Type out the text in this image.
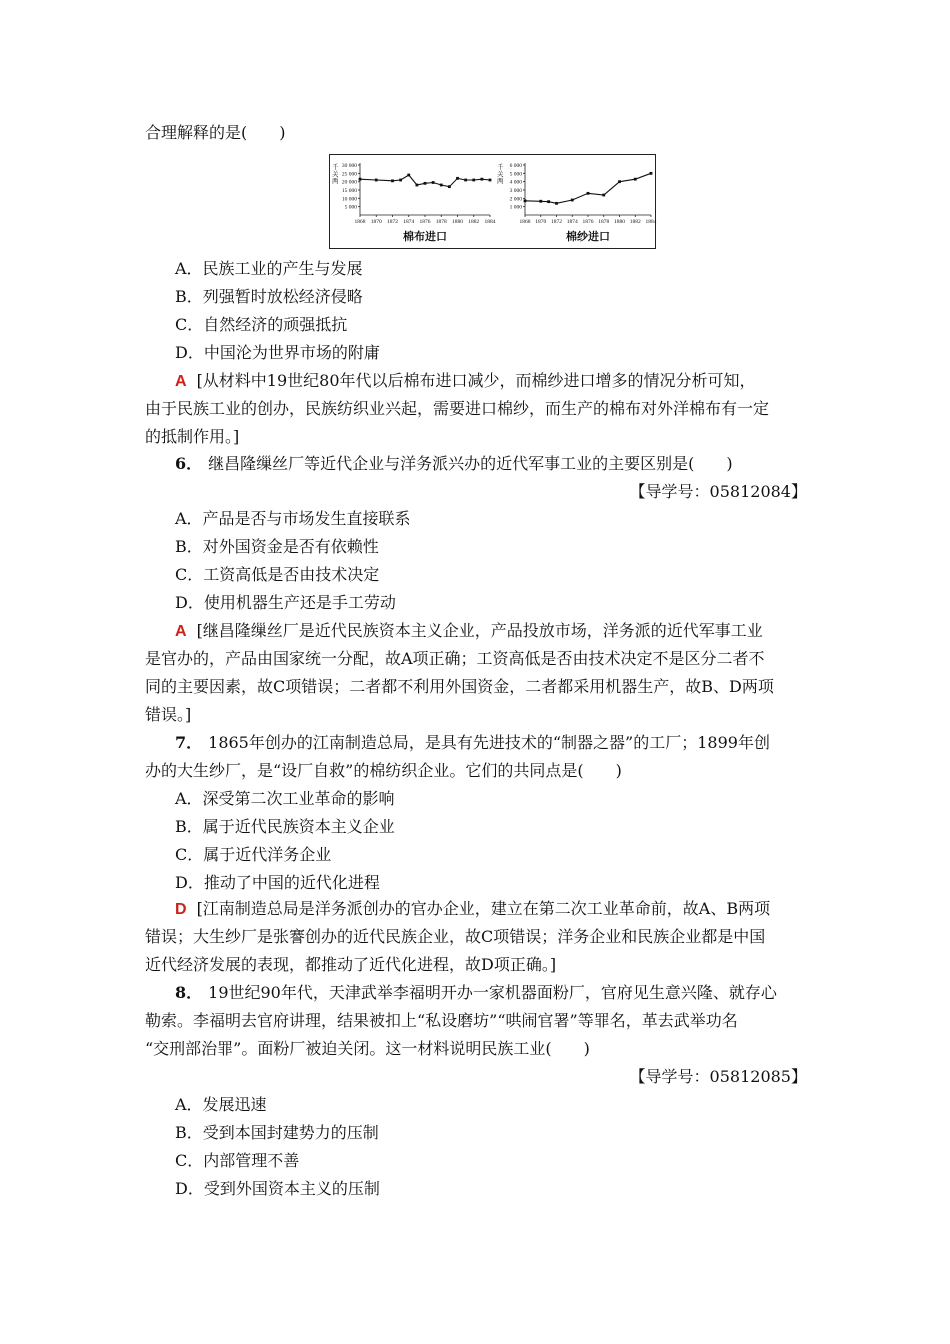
合理解释的是(　　)
30 000
25 000
20 000
15 000
10 000
5 000
千
关
两
1868 1870 1872 1874 1876 1878 1880 1882 1884
棉布进口
6 000
5 000
4 000
3 000
2 000
1 000
千
关
两
1868 1870 1872 1874 1876 1878 1880 1882 1884
棉纱进口
A．民族工业的产生与发展
B．列强暂时放松经济侵略
C．自然经济的顽强抵抗
D．中国沦为世界市场的附庸
A [从材料中19世纪80年代以后棉布进口减少，而棉纱进口增多的情况分析可知，
由于民族工业的创办，民族纺织业兴起，需要进口棉纱，而生产的棉布对外洋棉布有一定
的抵制作用。]
6． 继昌隆缫丝厂等近代企业与洋务派兴办的近代军事工业的主要区别是(　　)
【导学号：05812084】
A．产品是否与市场发生直接联系
B．对外国资金是否有依赖性
C．工资高低是否由技术决定
D．使用机器生产还是手工劳动
A [继昌隆缫丝厂是近代民族资本主义企业，产品投放市场，洋务派的近代军事工业
是官办的，产品由国家统一分配，故A项正确；工资高低是否由技术决定不是区分二者不
同的主要因素，故C项错误；二者都不利用外国资金，二者都采用机器生产，故B、D两项
错误。]
7． 1865年创办的江南制造总局，是具有先进技术的“制器之器”的工厂；1899年创
办的大生纱厂，是“设厂自救”的棉纺织企业。它们的共同点是(　　)
A．深受第二次工业革命的影响
B．属于近代民族资本主义企业
C．属于近代洋务企业
D．推动了中国的近代化进程
D [江南制造总局是洋务派创办的官办企业，建立在第二次工业革命前，故A、B两项
错误；大生纱厂是张謇创办的近代民族企业，故C项错误；洋务企业和民族企业都是中国
近代经济发展的表现，都推动了近代化进程，故D项正确。]
8． 19世纪90年代，天津武举李福明开办一家机器面粉厂，官府见生意兴隆、就存心
勒索。李福明去官府讲理，结果被扣上“私设磨坊”“哄闹官署”等罪名，革去武举功名
“交刑部治罪”。面粉厂被迫关闭。这一材料说明民族工业(　　)
【导学号：05812085】
A．发展迅速
B．受到本国封建势力的压制
C．内部管理不善
D．受到外国资本主义的压制
